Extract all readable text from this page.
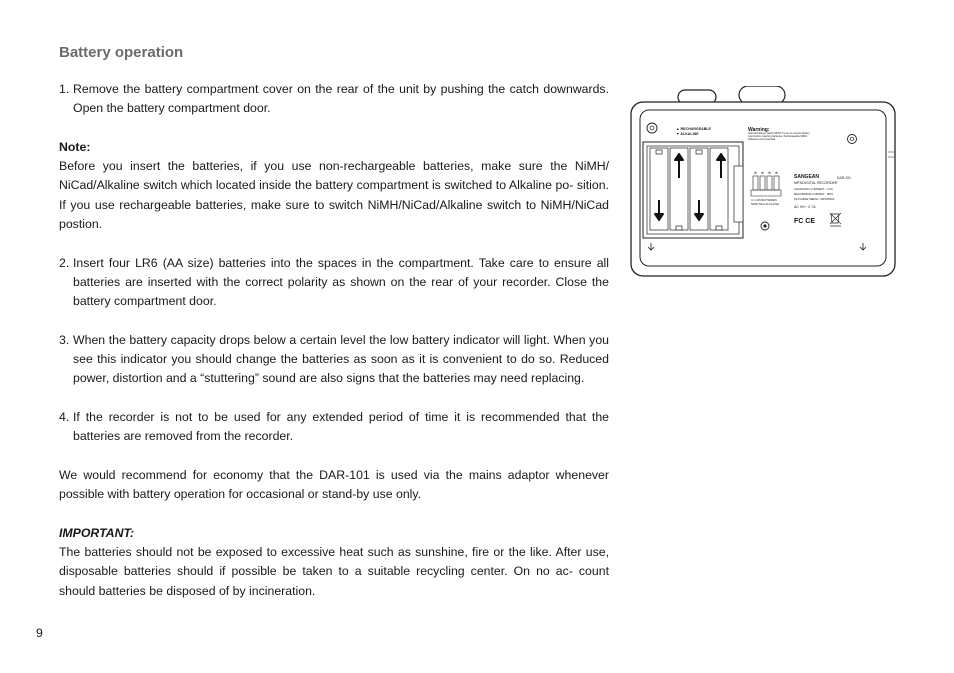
Battery operation
1. Remove the battery compartment cover on the rear of the unit by pushing the catch downwards. Open the battery compartment door.

Note:

Before you insert the batteries, if you use non-rechargeable batteries, make sure the NiMH/ NiCad/Alkaline switch which located inside the battery compartment is switched to Alkaline po- sition. If you use rechargeable batteries, make sure to switch NiMH/NiCad/Alkaline switch to NiMH/NiCad postion.

2. Insert four LR6 (AA size) batteries into the spaces in the compartment. Take care to ensure all batteries are inserted with the correct polarity as shown on the rear of your recorder. Close the battery compartment door.
3. When the battery capacity drops below a certain level the low battery indicator will light. When you see this indicator you should change the batteries as soon as it is convenient to do so. Reduced power, distortion and a “stuttering” sound are also signs that the batteries may need replacing.
4. If the recorder is not to be used for any extended period of time it is recommended that the batteries are removed from the recorder.

We would recommend for economy that the DAR-101 is used via the mains adaptor whenever possible with battery operation for occasional or stand-by use only.

IMPORTANT:

The batteries should not be exposed to excessive heat such as sunshine, fire or the like. After use, disposable batteries should if possible be taken to a suitable recycling center. On no ac- count should batteries be disposed of by incineration.

▲ RECHARGEABLE
▼ ALKALINE
Warning:
Internal backup switch MUST be set to correct battery type before inserting batteries. Rechargeable NiMH batteries recommended.
⊕ ⊕ ⊕ ⊕
4 x LR6 BATTERIES
NiMH NiCd ALKALINE
SANGEAN	DAR-101
MP3/DIGITAL RECORDER
CHARGING CURRENT : 0.3A
RECORDING FORMAT : MP3
PLAYABLE MEDIA : MP3/WMA
AC 9V⎓ 0.7A
FC CE

9
